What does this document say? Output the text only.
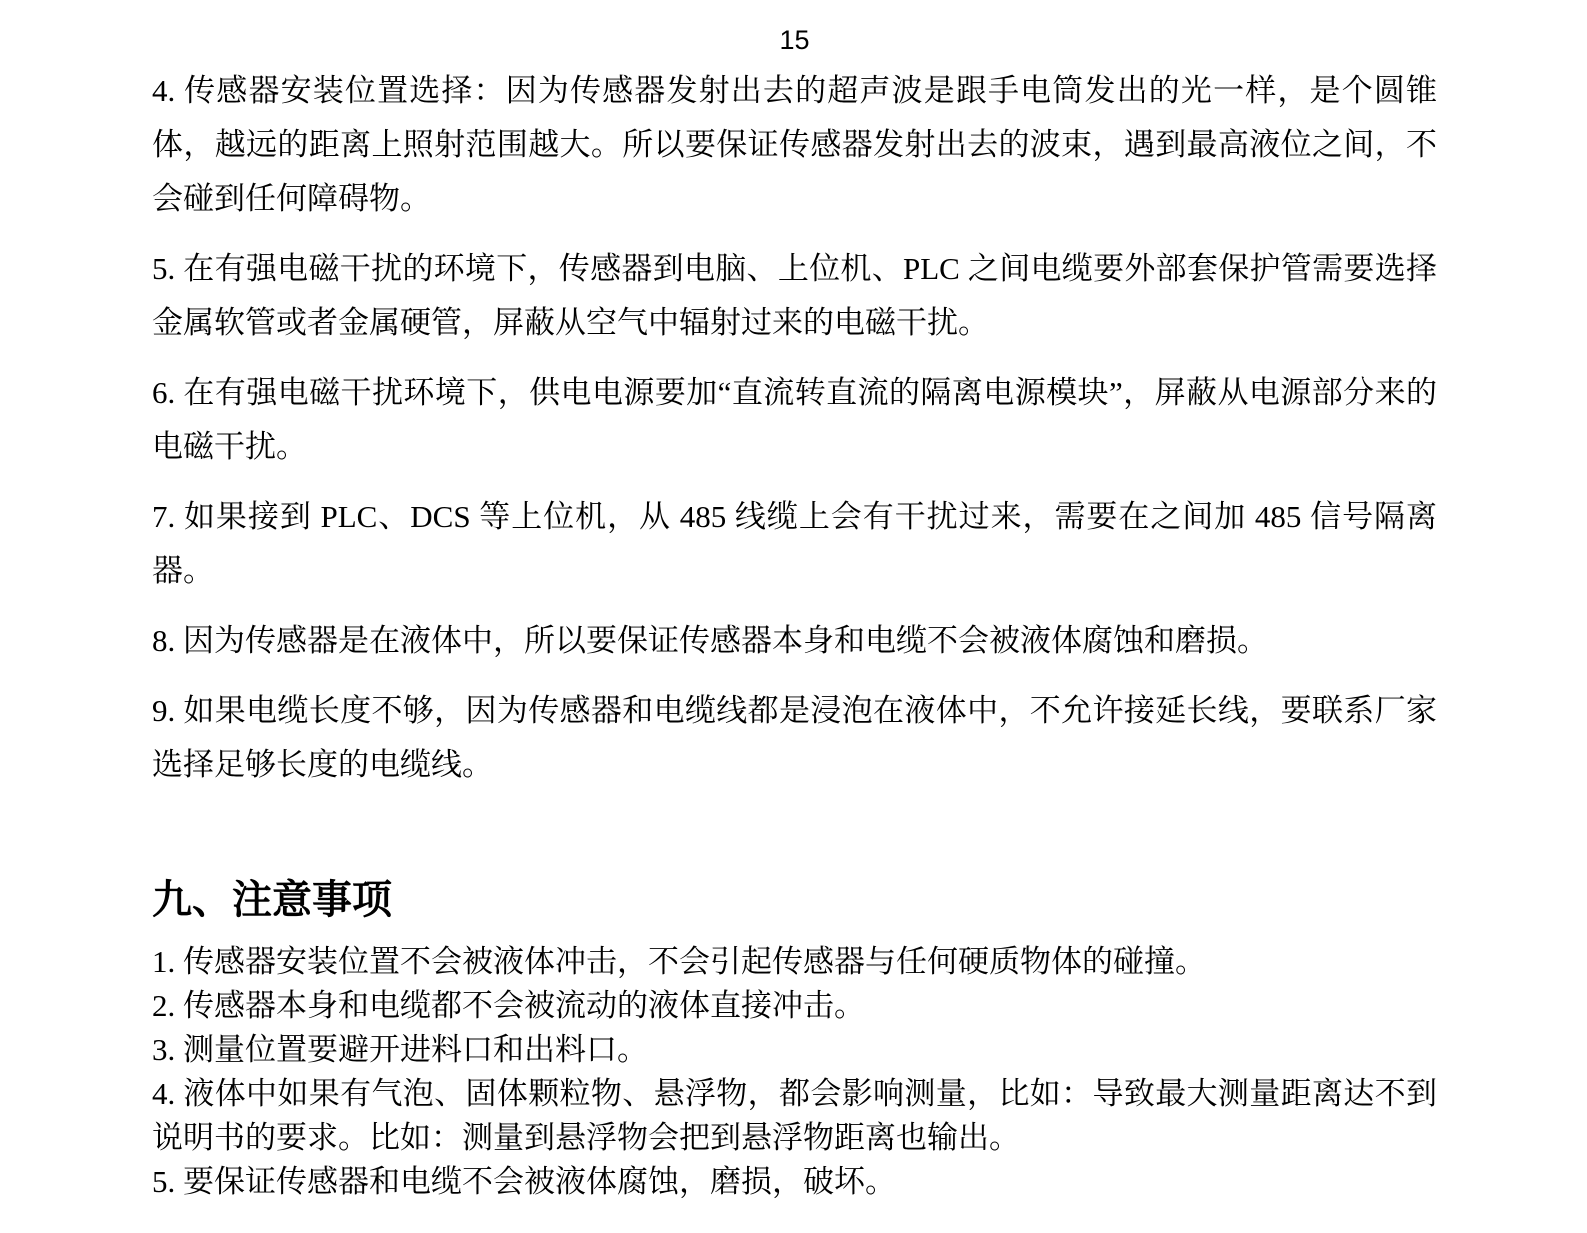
15

4. 传感器安装位置选择：因为传感器发射出去的超声波是跟手电筒发出的光一样，是个圆锥体，越远的距离上照射范围越大。所以要保证传感器发射出去的波束，遇到最高液位之间，不会碰到任何障碍物。

5. 在有强电磁干扰的环境下，传感器到电脑、上位机、PLC 之间电缆要外部套保护管需要选择金属软管或者金属硬管，屏蔽从空气中辐射过来的电磁干扰。

6. 在有强电磁干扰环境下，供电电源要加“直流转直流的隔离电源模块”，屏蔽从电源部分来的电磁干扰。

7. 如果接到 PLC、DCS 等上位机，从 485 线缆上会有干扰过来，需要在之间加 485 信号隔离器。

8. 因为传感器是在液体中，所以要保证传感器本身和电缆不会被液体腐蚀和磨损。

9. 如果电缆长度不够，因为传感器和电缆线都是浸泡在液体中，不允许接延长线，要联系厂家选择足够长度的电缆线。

九、注意事项

1. 传感器安装位置不会被液体冲击，不会引起传感器与任何硬质物体的碰撞。

2. 传感器本身和电缆都不会被流动的液体直接冲击。

3. 测量位置要避开进料口和出料口。

4. 液体中如果有气泡、固体颗粒物、悬浮物，都会影响测量，比如：导致最大测量距离达不到说明书的要求。比如：测量到悬浮物会把到悬浮物距离也输出。

5. 要保证传感器和电缆不会被液体腐蚀，磨损，破坏。
